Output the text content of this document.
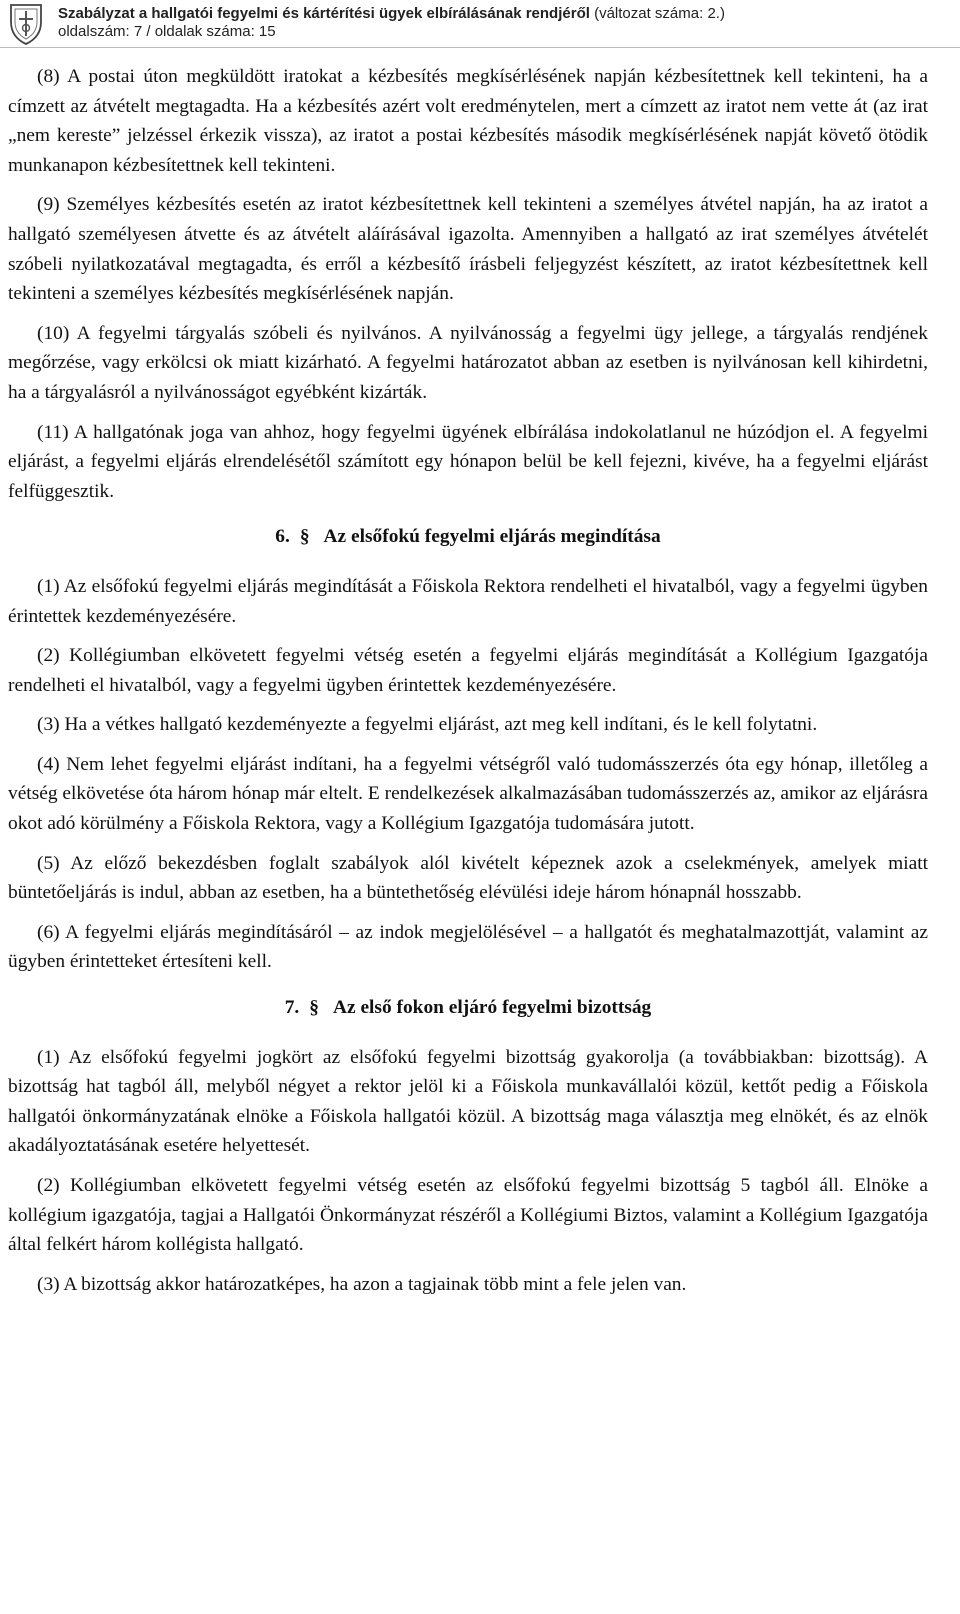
Szabályzat a hallgatói fegyelmi és kártérítési ügyek elbírálásának rendjéről (változat száma: 2.)
oldalszám: 7 / oldalak száma: 15

(8) A postai úton megküldött iratokat a kézbesítés megkísérlésének napján kézbesítettnek kell tekinteni, ha a címzett az átvételt megtagadta. Ha a kézbesítés azért volt eredménytelen, mert a címzett az iratot nem vette át (az irat „nem kereste” jelzéssel érkezik vissza), az iratot a postai kézbesítés második megkísérlésének napját követő ötödik munkanapon kézbesítettnek kell tekinteni.

(9) Személyes kézbesítés esetén az iratot kézbesítettnek kell tekinteni a személyes átvétel napján, ha az iratot a hallgató személyesen átvette és az átvételt aláírásával igazolta. Amennyiben a hallgató az irat személyes átvételét szóbeli nyilatkozatával megtagadta, és erről a kézbesítő írásbeli feljegyzést készített, az iratot kézbesítettnek kell tekinteni a személyes kézbesítés megkísérlésének napján.

(10) A fegyelmi tárgyalás szóbeli és nyilvános. A nyilvánosság a fegyelmi ügy jellege, a tárgyalás rendjének megőrzése, vagy erkölcsi ok miatt kizárható. A fegyelmi határozatot abban az esetben is nyilvánosan kell kihirdetni, ha a tárgyalásról a nyilvánosságot egyébként kizárták.

(11) A hallgatónak joga van ahhoz, hogy fegyelmi ügyének elbírálása indokolatlanul ne húzódjon el. A fegyelmi eljárást, a fegyelmi eljárás elrendelésétől számított egy hónapon belül be kell fejezni, kivéve, ha a fegyelmi eljárást felfüggesztik.

6. § Az elsőfokú fegyelmi eljárás megindítása

(1) Az elsőfokú fegyelmi eljárás megindítását a Főiskola Rektora rendelheti el hivatalból, vagy a fegyelmi ügyben érintettek kezdeményezésére.

(2) Kollégiumban elkövetett fegyelmi vétség esetén a fegyelmi eljárás megindítását a Kollégium Igazgatója rendelheti el hivatalból, vagy a fegyelmi ügyben érintettek kezdeményezésére.

(3) Ha a vétkes hallgató kezdeményezte a fegyelmi eljárást, azt meg kell indítani, és le kell folytatni.

(4) Nem lehet fegyelmi eljárást indítani, ha a fegyelmi vétségről való tudomásszerzés óta egy hónap, illetőleg a vétség elkövetése óta három hónap már eltelt. E rendelkezések alkalmazásában tudomásszerzés az, amikor az eljárásra okot adó körülmény a Főiskola Rektora, vagy a Kollégium Igazgatója tudomására jutott.

(5) Az előző bekezdésben foglalt szabályok alól kivételt képeznek azok a cselekmények, amelyek miatt büntetőeljárás is indul, abban az esetben, ha a büntethetőség elévülési ideje három hónapnál hosszabb.

(6) A fegyelmi eljárás megindításáról – az indok megjelölésével – a hallgatót és meghatalmazottját, valamint az ügyben érintetteket értesíteni kell.

7. § Az első fokon eljáró fegyelmi bizottság

(1) Az elsőfokú fegyelmi jogkört az elsőfokú fegyelmi bizottság gyakorolja (a továbbiakban: bizottság). A bizottság hat tagból áll, melyből négyet a rektor jelöl ki a Főiskola munkavállalói közül, kettőt pedig a Főiskola hallgatói önkormányzatának elnöke a Főiskola hallgatói közül. A bizottság maga választja meg elnökét, és az elnök akadályoztatásának esetére helyettesét.

(2) Kollégiumban elkövetett fegyelmi vétség esetén az elsőfokú fegyelmi bizottság 5 tagból áll. Elnöke a kollégium igazgatója, tagjai a Hallgatói Önkormányzat részéről a Kollégiumi Biztos, valamint a Kollégium Igazgatója által felkért három kollégista hallgató.

(3) A bizottság akkor határozatképes, ha azon a tagjainak több mint a fele jelen van.
